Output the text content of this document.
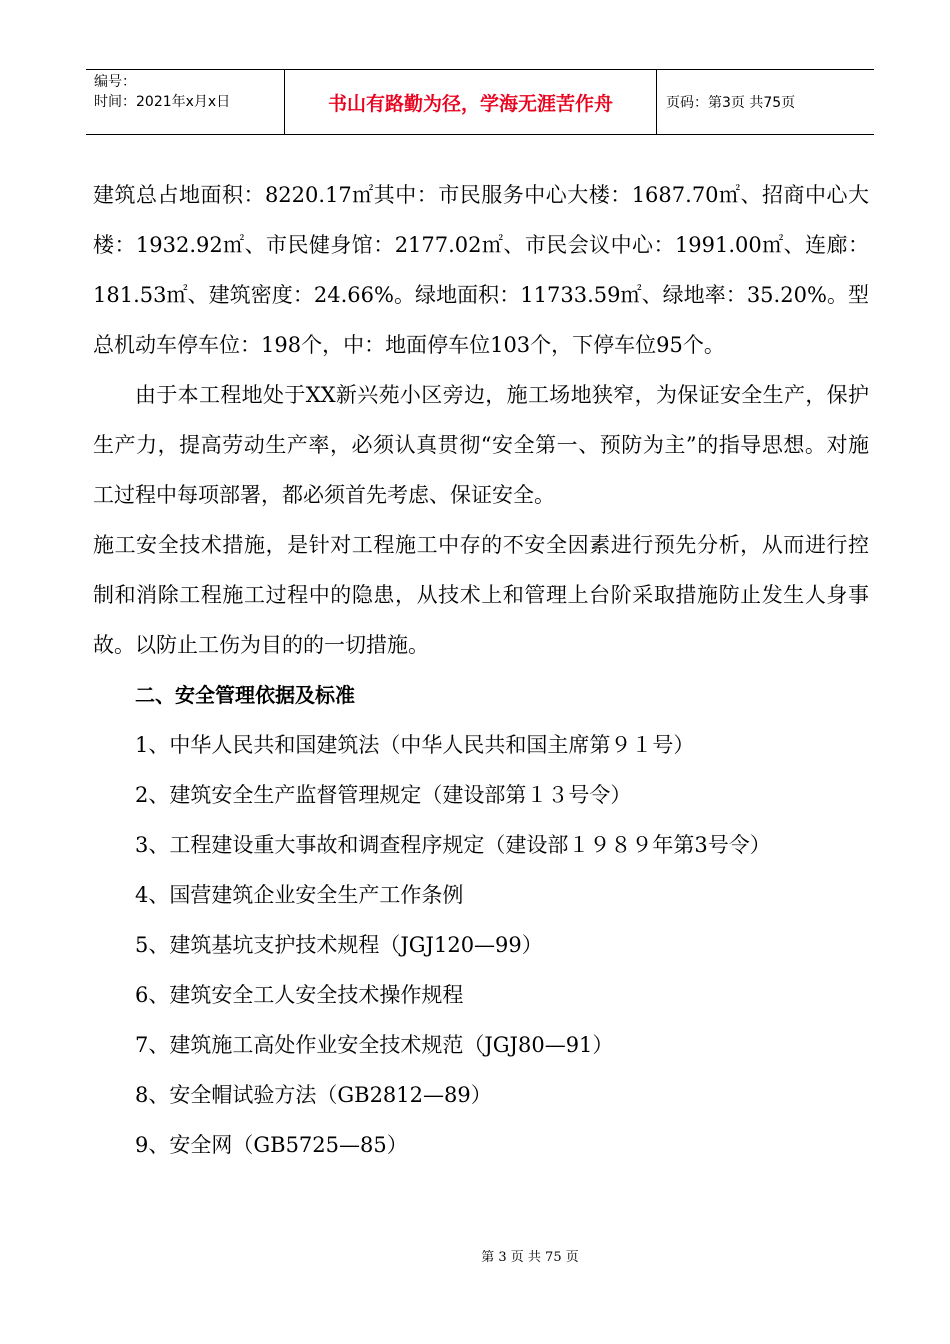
编号：
时间：2021年x月x日	书山有路勤为径，学海无涯苦作舟	页码：第3页 共75页

建筑总占地面积：8220.17㎡其中：市民服务中心大楼：1687.70㎡、招商中心大楼：1932.92㎡、市民健身馆：2177.02㎡、市民会议中心：1991.00㎡、连廊：181.53㎡、建筑密度：24.66%。绿地面积：11733.59㎡、绿地率：35.20%。型总机动车停车位：198个，中：地面停车位103个，下停车位95个。

由于本工程地处于XX新兴苑小区旁边，施工场地狭窄，为保证安全生产，保护生产力，提高劳动生产率，必须认真贯彻“安全第一、预防为主”的指导思想。对施工过程中每项部署，都必须首先考虑、保证安全。

施工安全技术措施，是针对工程施工中存的不安全因素进行预先分析，从而进行控制和消除工程施工过程中的隐患，从技术上和管理上台阶采取措施防止发生人身事故。以防止工伤为目的的一切措施。

二、安全管理依据及标准

1、中华人民共和国建筑法（中华人民共和国主席第９１号）

2、建筑安全生产监督管理规定（建设部第１３号令）

3、工程建设重大事故和调查程序规定（建设部１９８９年第3号令）

4、国营建筑企业安全生产工作条例

5、建筑基坑支护技术规程（JGJ120—99）

6、建筑安全工人安全技术操作规程

7、建筑施工高处作业安全技术规范（JGJ80—91）

8、安全帽试验方法（GB2812—89）

9、安全网（GB5725—85）

第 3 页 共 75 页
